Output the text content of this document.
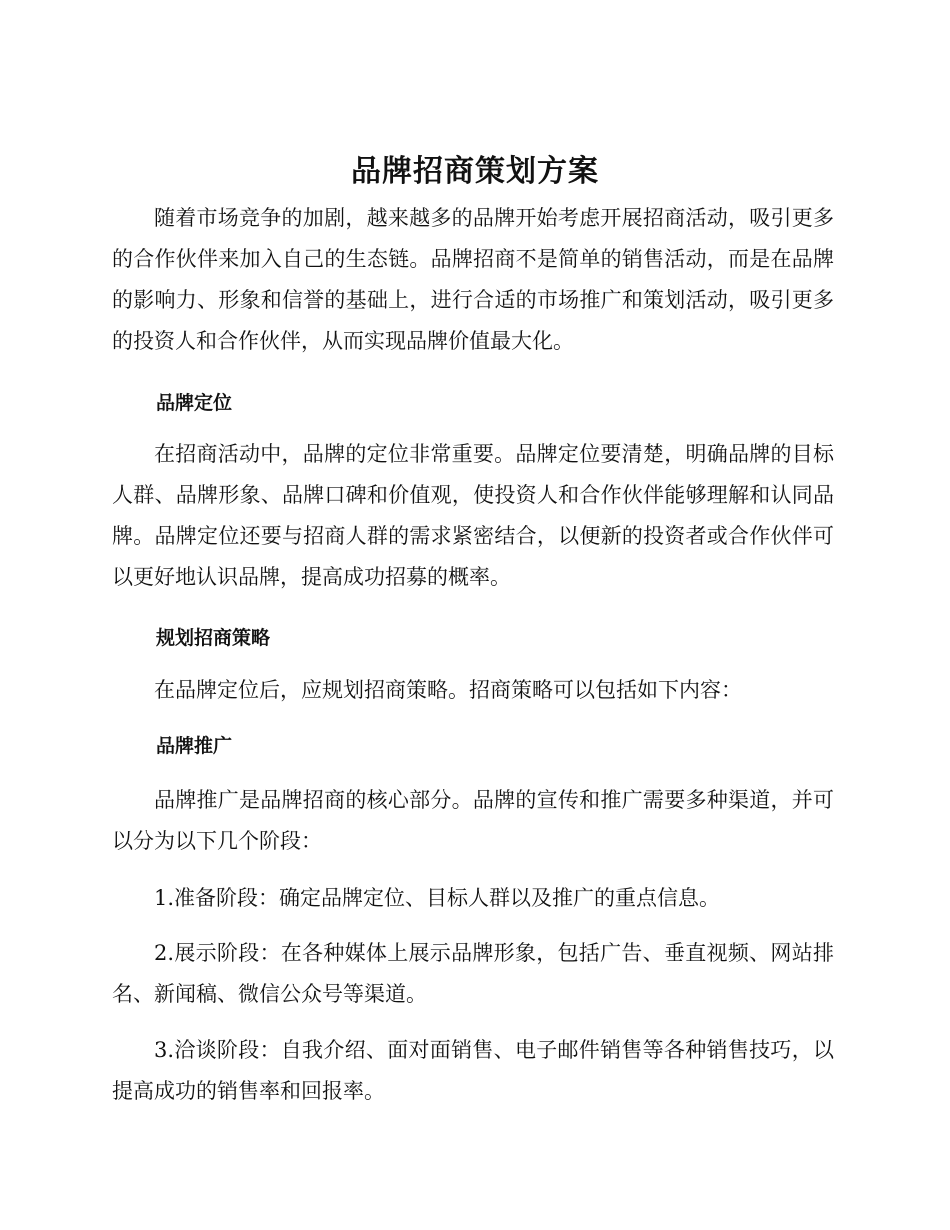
品牌招商策划方案

随着市场竞争的加剧，越来越多的品牌开始考虑开展招商活动，吸引更多的合作伙伴来加入自己的生态链。品牌招商不是简单的销售活动，而是在品牌的影响力、形象和信誉的基础上，进行合适的市场推广和策划活动，吸引更多的投资人和合作伙伴，从而实现品牌价值最大化。

品牌定位

在招商活动中，品牌的定位非常重要。品牌定位要清楚，明确品牌的目标人群、品牌形象、品牌口碑和价值观，使投资人和合作伙伴能够理解和认同品牌。品牌定位还要与招商人群的需求紧密结合，以便新的投资者或合作伙伴可以更好地认识品牌，提高成功招募的概率。

规划招商策略

在品牌定位后，应规划招商策略。招商策略可以包括如下内容：

品牌推广

品牌推广是品牌招商的核心部分。品牌的宣传和推广需要多种渠道，并可以分为以下几个阶段：

1.准备阶段：确定品牌定位、目标人群以及推广的重点信息。

2.展示阶段：在各种媒体上展示品牌形象，包括广告、垂直视频、网站排名、新闻稿、微信公众号等渠道。

3.洽谈阶段：自我介绍、面对面销售、电子邮件销售等各种销售技巧，以提高成功的销售率和回报率。
